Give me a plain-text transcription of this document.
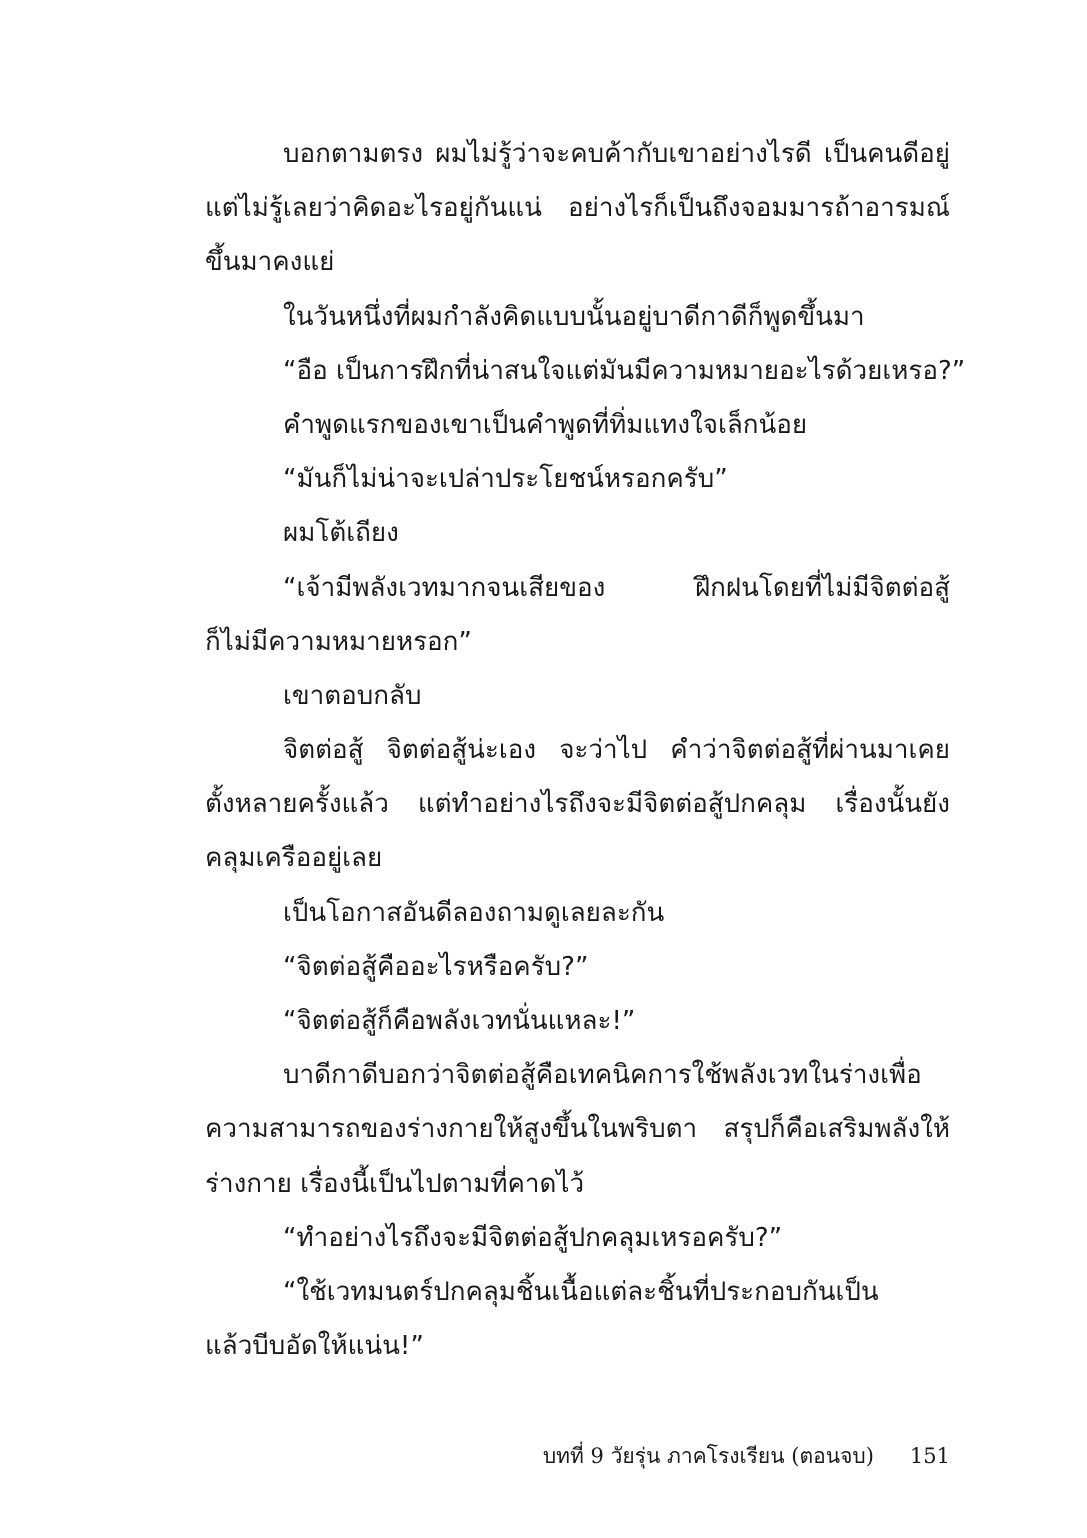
บอกตามตรง ผมไม่รู้ว่าจะคบค้ากับเขาอย่างไรดี เป็นคนดีอยู่
แต่ไม่รู้เลยว่าคิดอะไรอยู่กันแน่ อย่างไรก็เป็นถึงจอมมารถ้าอารมณ์
ขึ้นมาคงแย่
ในวันหนึ่งที่ผมกำลังคิดแบบนั้นอยู่บาดีกาดีก็พูดขึ้นมา
“อือ เป็นการฝึกที่น่าสนใจแต่มันมีความหมายอะไรด้วยเหรอ?”
คำพูดแรกของเขาเป็นคำพูดที่ทิ่มแทงใจเล็กน้อย
“มันก็ไม่น่าจะเปล่าประโยชน์หรอกครับ”
ผมโต้เถียง
“เจ้ามีพลังเวทมากจนเสียของ ฝึกฝนโดยที่ไม่มีจิตต่อสู้
ก็ไม่มีความหมายหรอก”
เขาตอบกลับ
จิตต่อสู้ จิตต่อสู้น่ะเอง จะว่าไป คำว่าจิตต่อสู้ที่ผ่านมาเคย
ตั้งหลายครั้งแล้ว แต่ทำอย่างไรถึงจะมีจิตต่อสู้ปกคลุม เรื่องนั้นยัง
คลุมเครืออยู่เลย
เป็นโอกาสอันดีลองถามดูเลยละกัน
“จิตต่อสู้คืออะไรหรือครับ?”
“จิตต่อสู้ก็คือพลังเวทนั่นแหละ!”
บาดีกาดีบอกว่าจิตต่อสู้คือเทคนิคการใช้พลังเวทในร่างเพื่อ
ความสามารถของร่างกายให้สูงขึ้นในพริบตา สรุปก็คือเสริมพลังให้
ร่างกาย เรื่องนี้เป็นไปตามที่คาดไว้
“ทำอย่างไรถึงจะมีจิตต่อสู้ปกคลุมเหรอครับ?”
“ใช้เวทมนตร์ปกคลุมชิ้นเนื้อแต่ละชิ้นที่ประกอบกันเป็น
แล้วบีบอัดให้แน่น!”
บทที่ 9 วัยรุ่น ภาคโรงเรียน (ตอนจบ) 151
